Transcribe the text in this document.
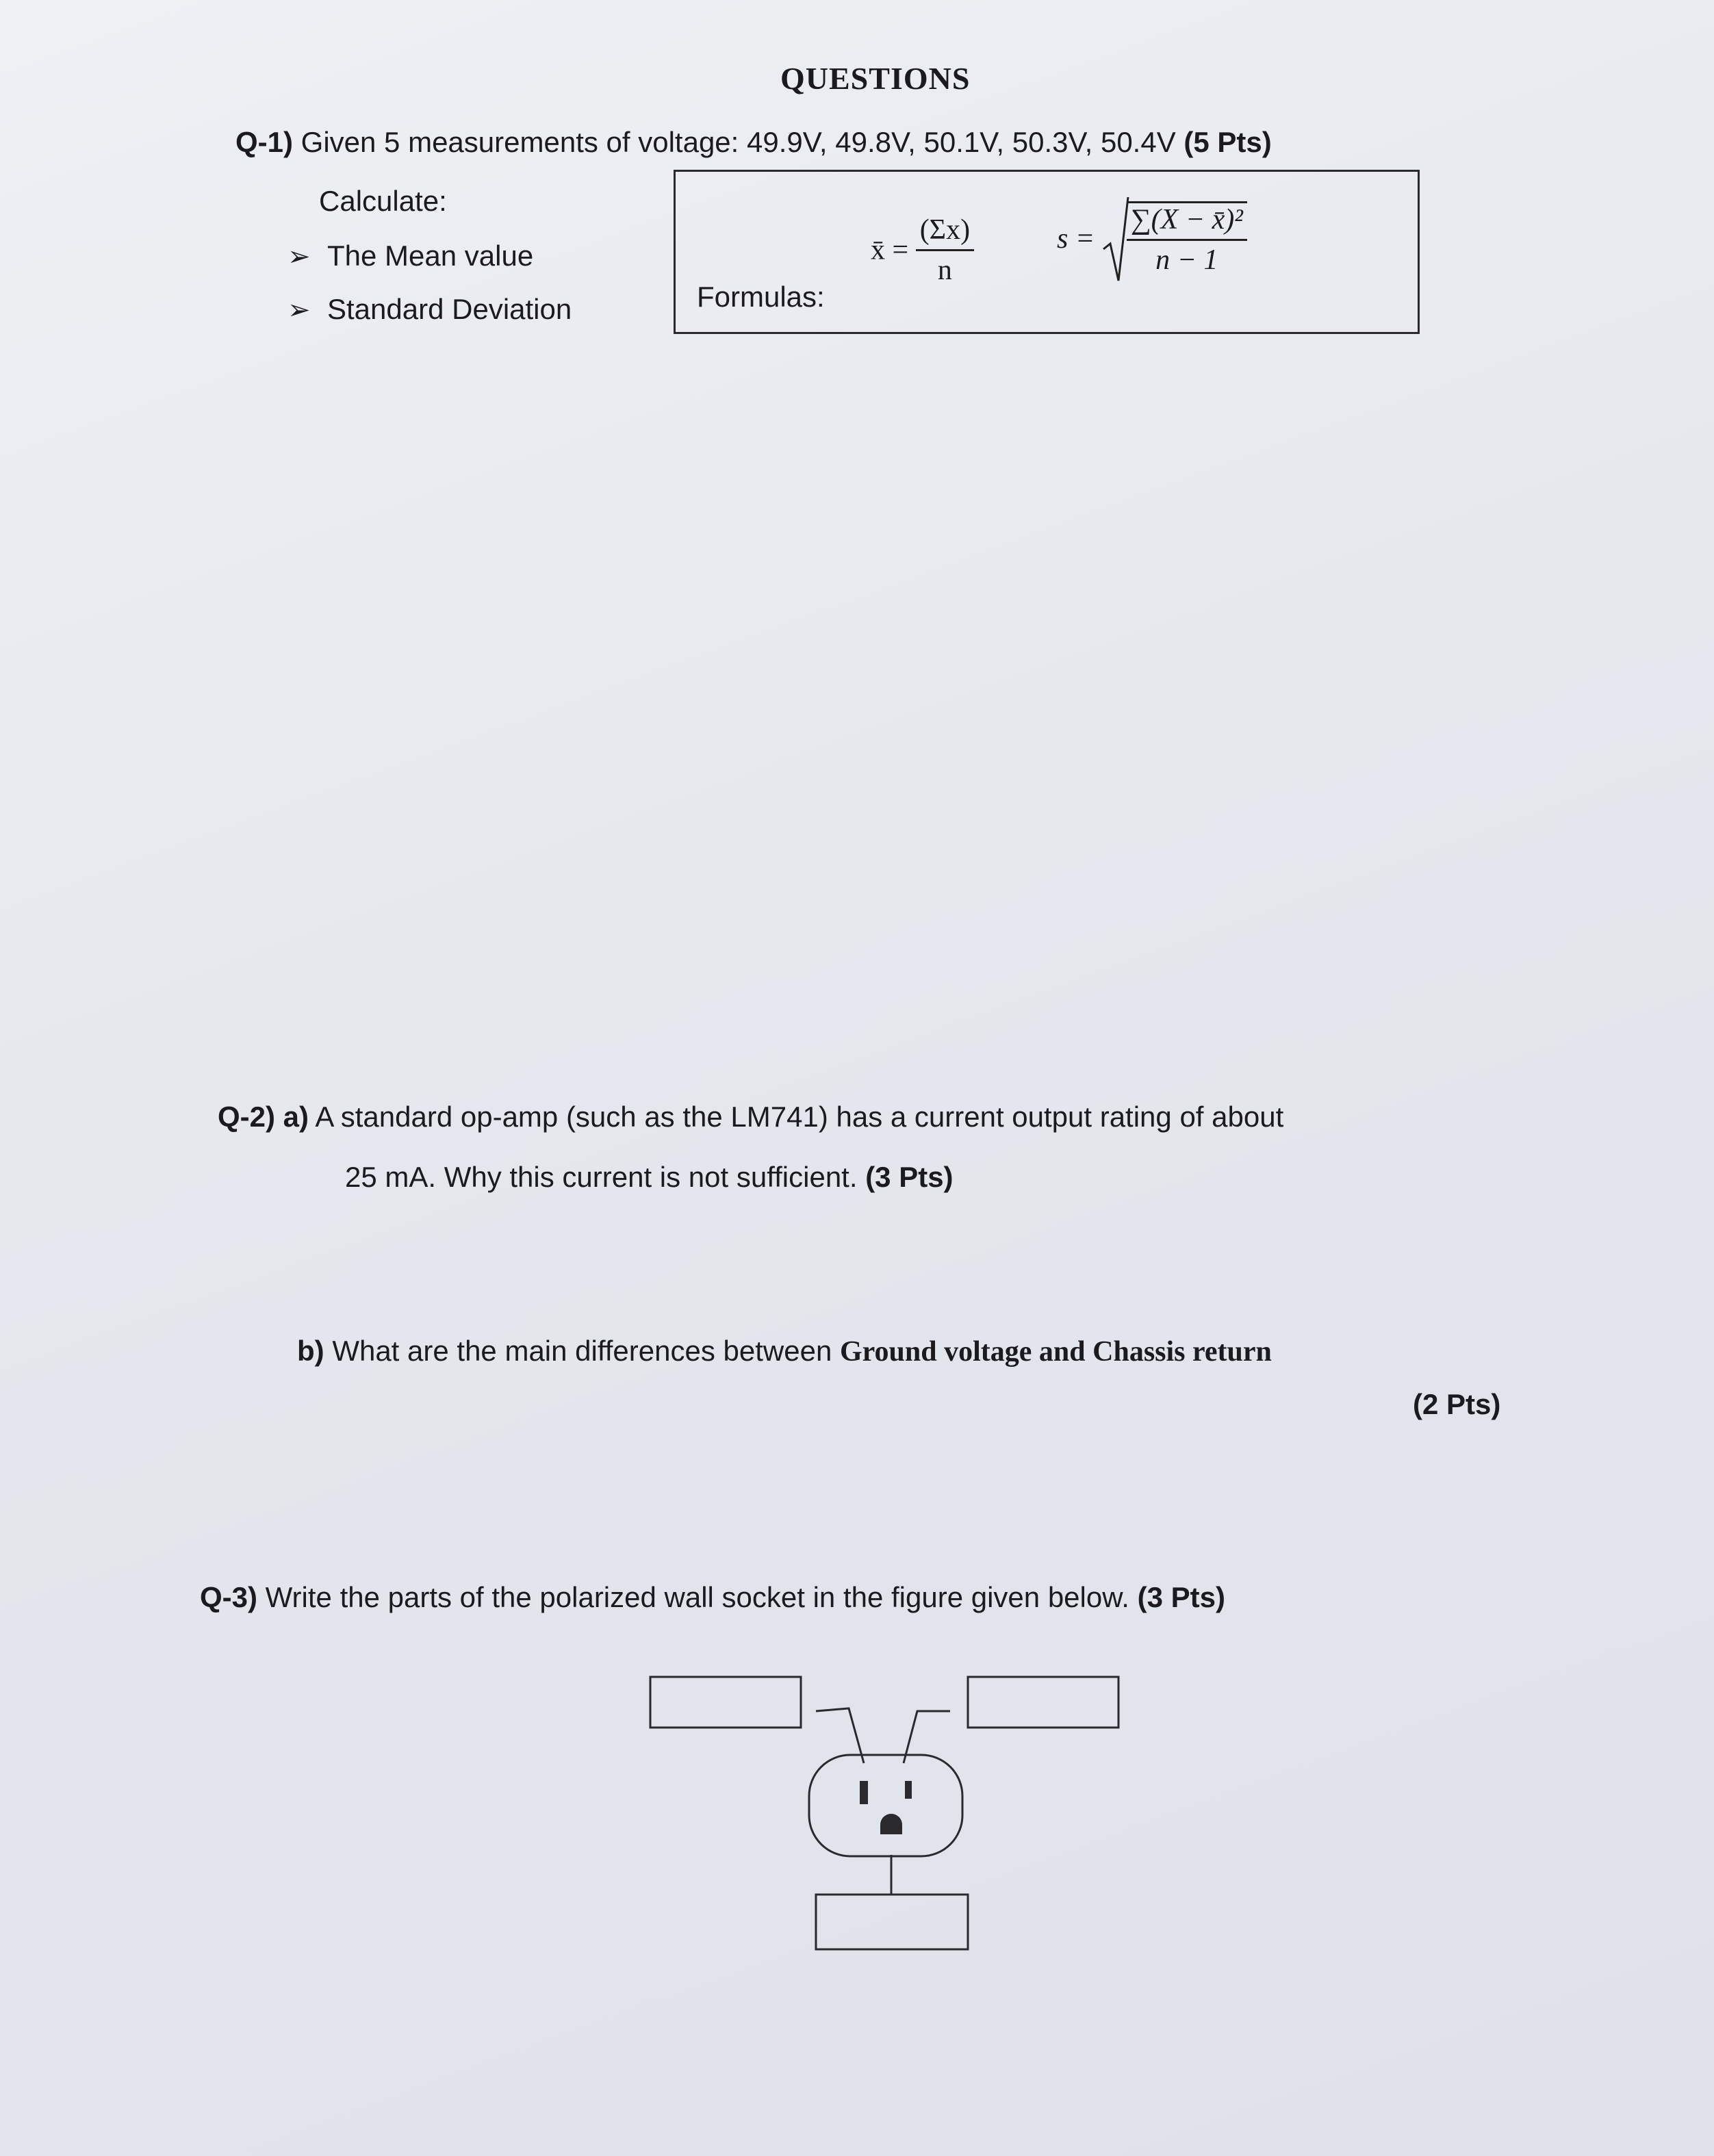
QUESTIONS
Q-1) Given 5 measurements of voltage: 49.9V, 49.8V, 50.1V, 50.3V, 50.4V (5 Pts)
Calculate:
➢ The Mean value
➢ Standard Deviation	Formulas:
x̄ = $\frac{(\Sigma x)}{n}$	$s = \frac{\text{∑(X − x̄)²}}{n - 1}$
Q-2) a) A standard op-amp (such as the LM741) has a current output rating of about
25 mA. Why this current is not sufficient. (3 Pts)
b) What are the main differences between Ground voltage and Chassis return
(2 Pts)
Q-3) Write the parts of the polarized wall socket in the figure given below. (3 Pts)
